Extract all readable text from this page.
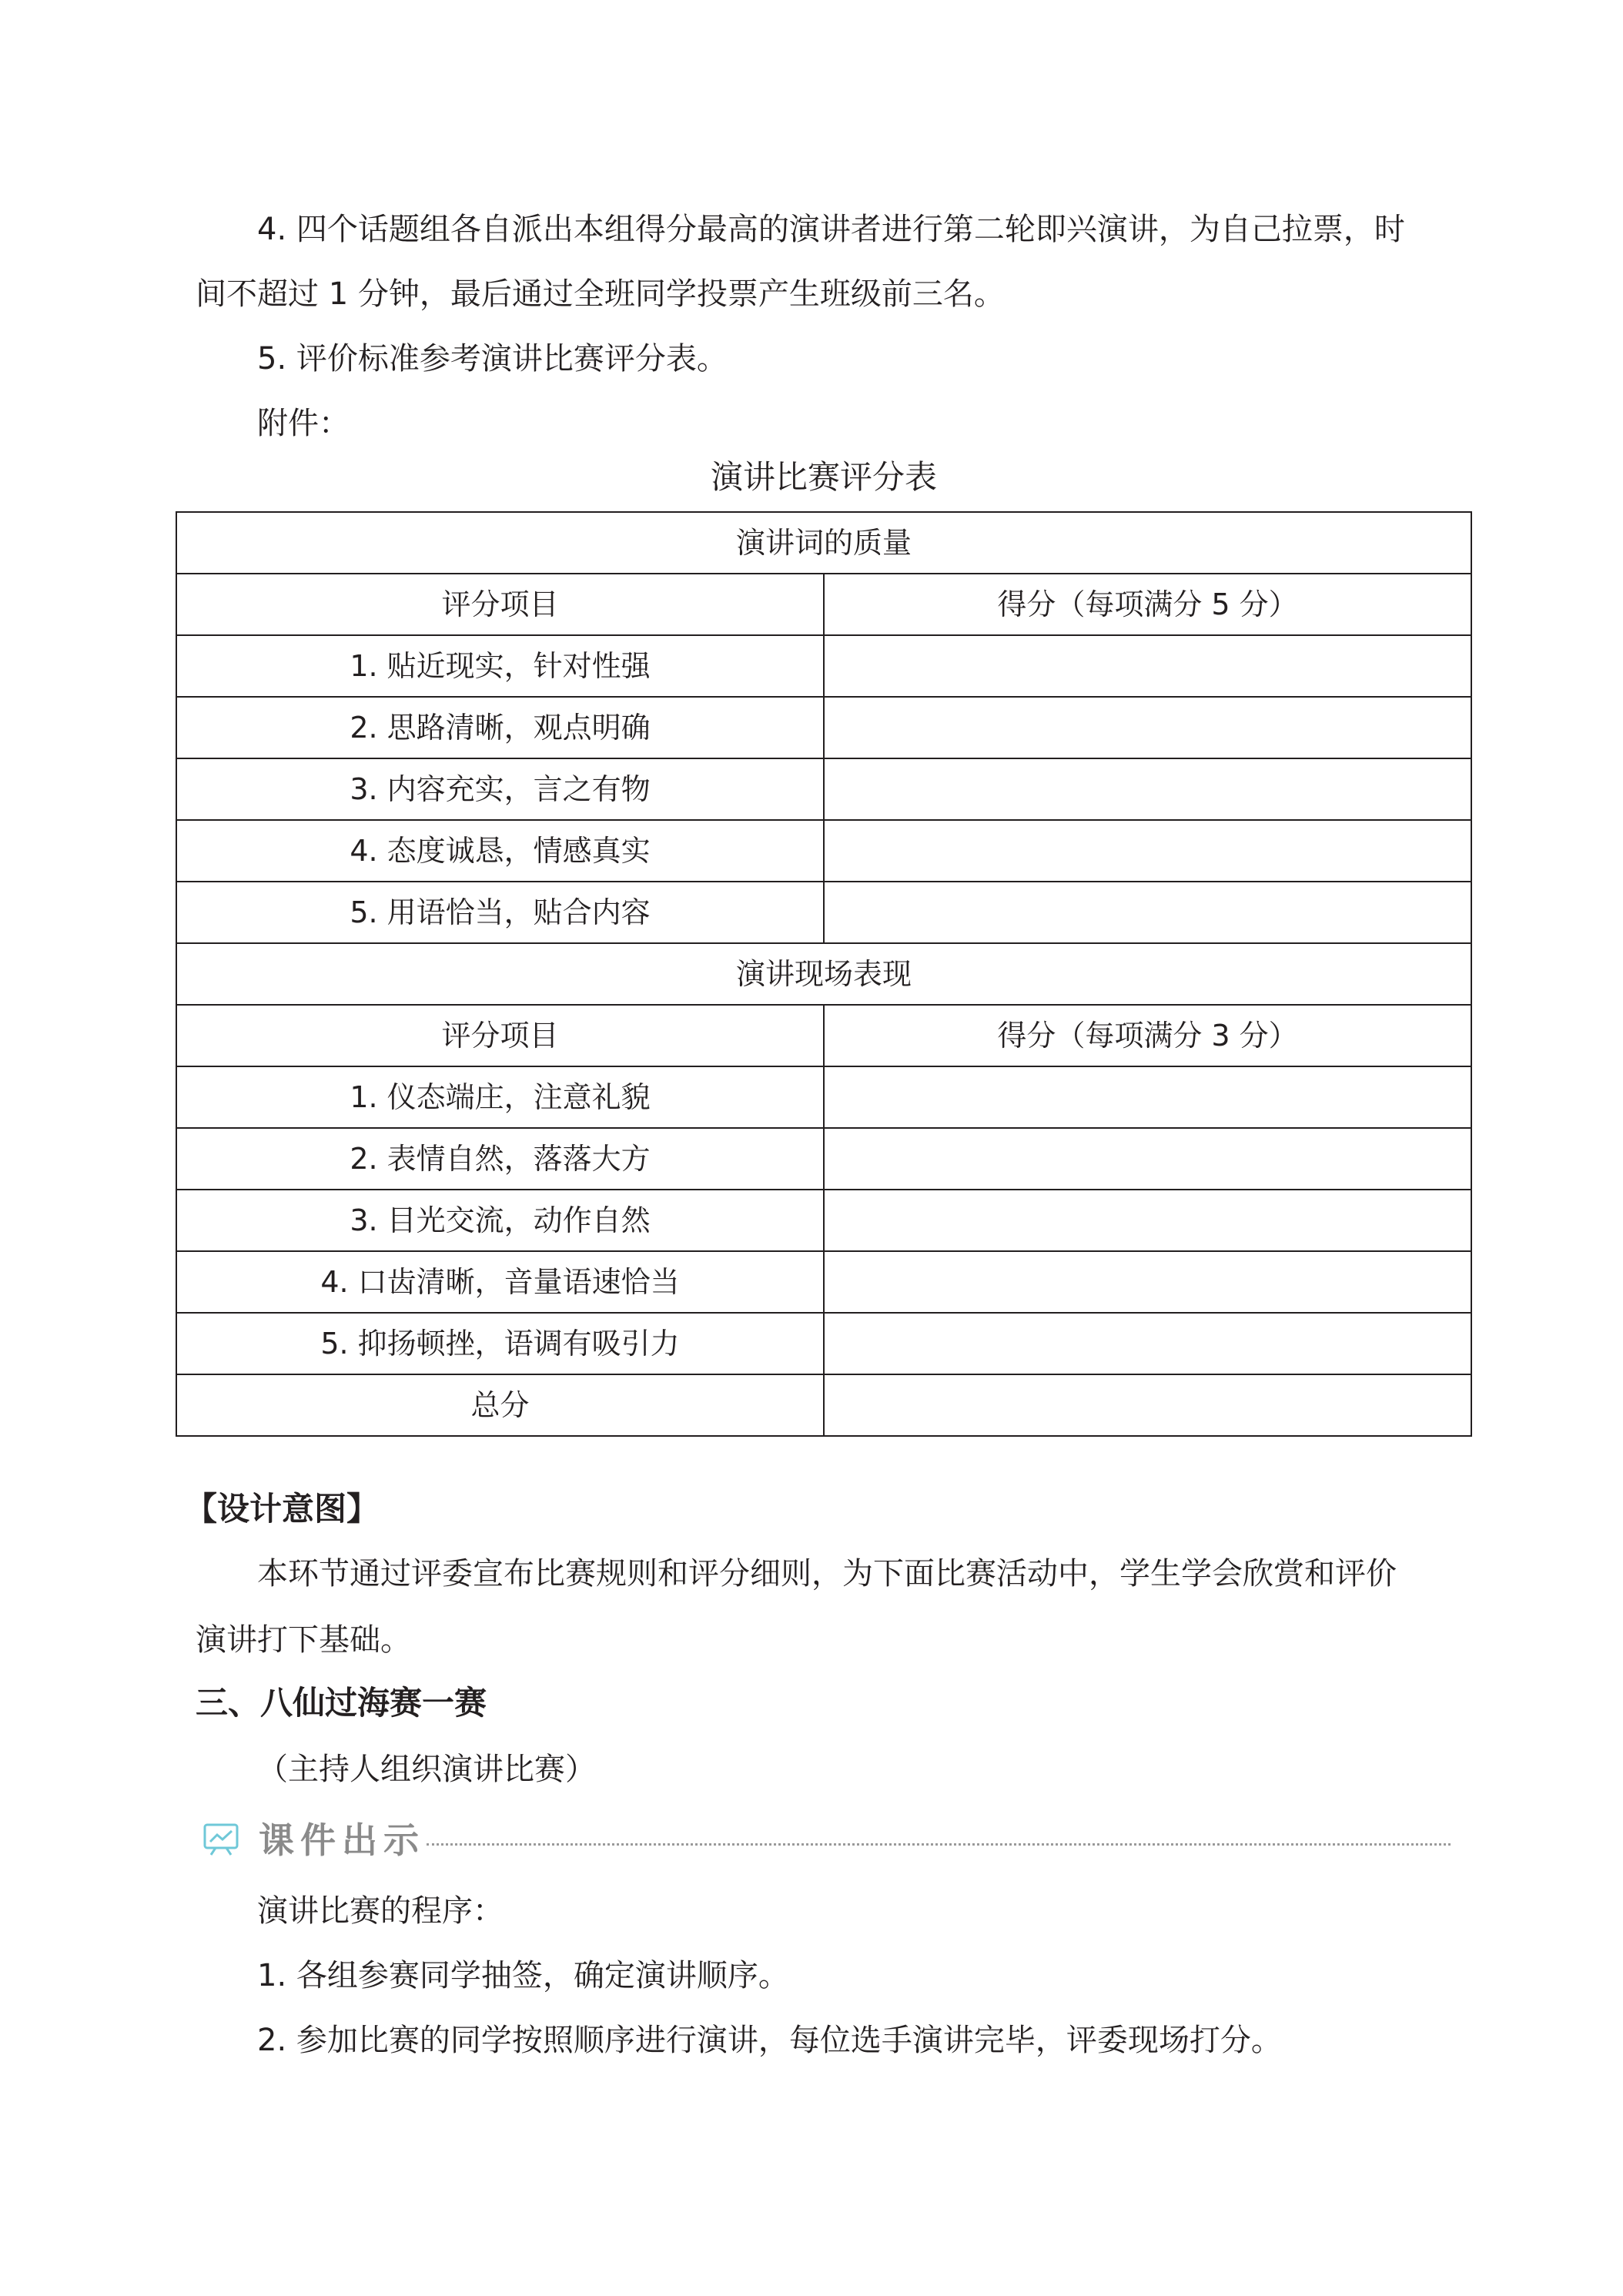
4. 四个话题组各自派出本组得分最高的演讲者进行第二轮即兴演讲，为自己拉票，时
间不超过 1 分钟，最后通过全班同学投票产生班级前三名。
5. 评价标准参考演讲比赛评分表。
附件：
演讲比赛评分表
演讲词的质量	
评分项目	得分（每项满分 5 分）
1. 贴近现实，针对性强	
2. 思路清晰，观点明确	
3. 内容充实，言之有物	
4. 态度诚恳，情感真实	
5. 用语恰当，贴合内容	
演讲现场表现	
评分项目	得分（每项满分 3 分）
1. 仪态端庄，注意礼貌	
2. 表情自然，落落大方	
3. 目光交流，动作自然	
4. 口齿清晰，音量语速恰当	
5. 抑扬顿挫，语调有吸引力	
总分	
【设计意图】
本环节通过评委宣布比赛规则和评分细则，为下面比赛活动中，学生学会欣赏和评价
演讲打下基础。
三、八仙过海赛一赛
（主持人组织演讲比赛）
课件出示
演讲比赛的程序：
1. 各组参赛同学抽签，确定演讲顺序。
2. 参加比赛的同学按照顺序进行演讲，每位选手演讲完毕，评委现场打分。
